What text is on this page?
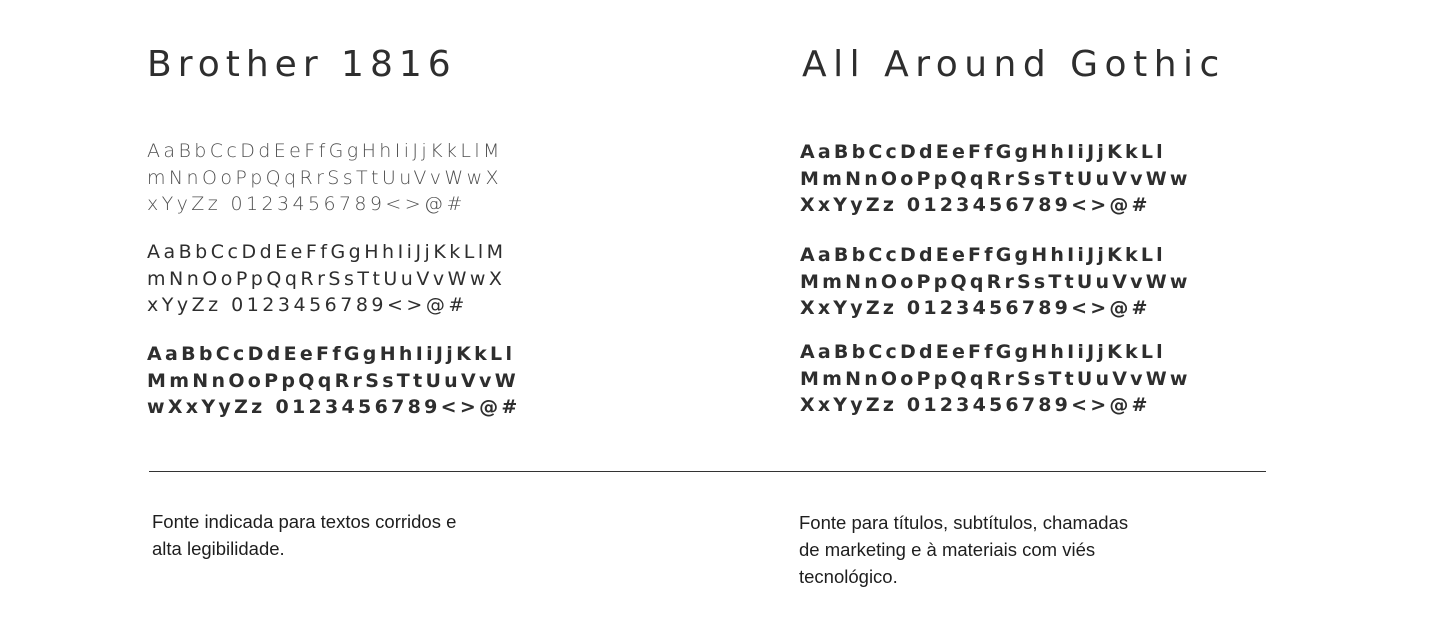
Brother 1816
AaBbCcDdEeFfGgHhIiJjKkLlM
mNnOoPpQqRrSsTtUuVvWwX
xYyZz 0123456789<>@#
AaBbCcDdEeFfGgHhIiJjKkLlM
mNnOoPpQqRrSsTtUuVvWwX
xYyZz 0123456789<>@#
AaBbCcDdEeFfGgHhIiJjKkLl
MmNnOoPpQqRrSsTtUuVvW
wXxYyZz 0123456789<>@#
All Around Gothic
AaBbCcDdEeFfGgHhIiJjKkLl
MmNnOoPpQqRrSsTtUuVvWw
XxYyZz 0123456789<>@#
AaBbCcDdEeFfGgHhIiJjKkLl
MmNnOoPpQqRrSsTtUuVvWw
XxYyZz 0123456789<>@#
AaBbCcDdEeFfGgHhIiJjKkLl
MmNnOoPpQqRrSsTtUuVvWw
XxYyZz 0123456789<>@#

Fonte indicada para textos corridos e
alta legibilidade.

Fonte para títulos, subtítulos, chamadas
de marketing e à materiais com viés
tecnológico.
